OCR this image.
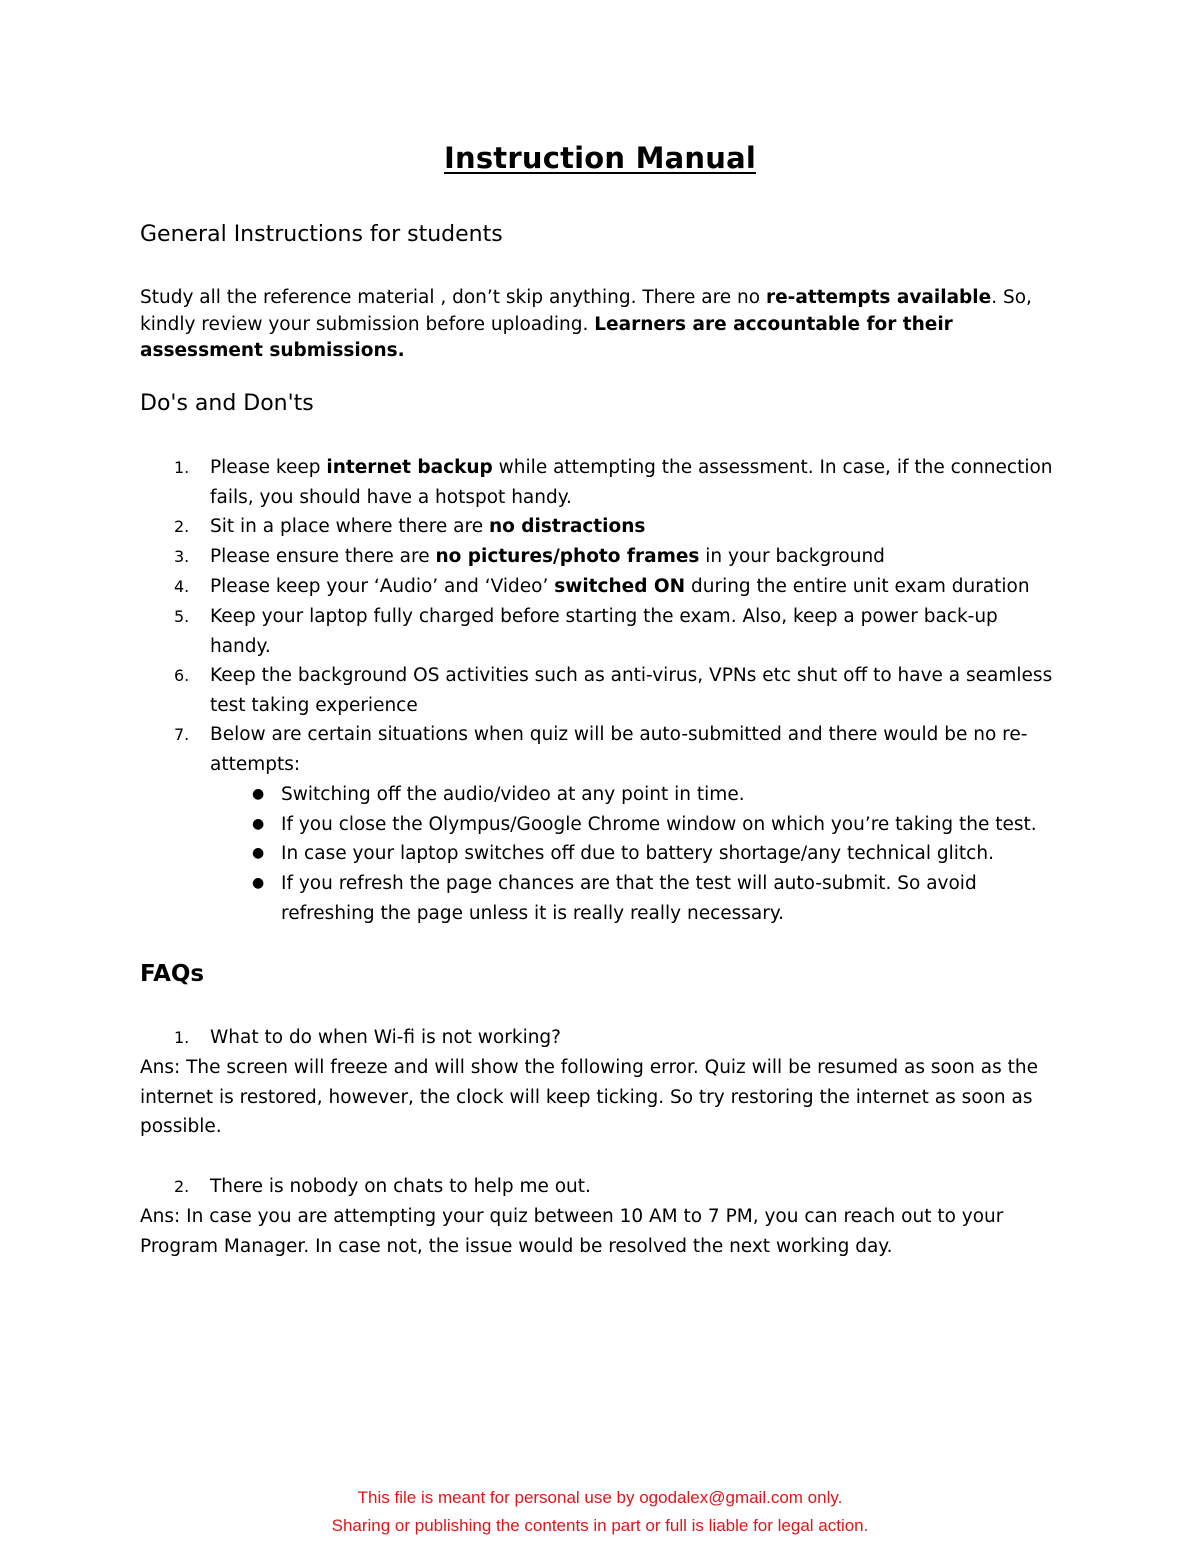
Instruction Manual
General Instructions for students
Study all the reference material , don’t skip anything. There are no re-attempts available. So, kindly review your submission before uploading. Learners are accountable for their assessment submissions.
Do's and Don'ts
1.	Please keep internet backup while attempting the assessment. In case, if the connection fails, you should have a hotspot handy.
2.	Sit in a place where there are no distractions
3.	Please ensure there are no pictures/photo frames in your background
4.	Please keep your ‘Audio’ and ‘Video’ switched ON during the entire unit exam duration
5.	Keep your laptop fully charged before starting the exam. Also, keep a power back-up handy.
6.	Keep the background OS activities such as anti-virus, VPNs etc shut off to have a seamless test taking experience
7.	Below are certain situations when quiz will be auto-submitted and there would be no re-attempts:
● Switching off the audio/video at any point in time.
● If you close the Olympus/Google Chrome window on which you’re taking the test.
● In case your laptop switches off due to battery shortage/any technical glitch.
● If you refresh the page chances are that the test will auto-submit. So avoid refreshing the page unless it is really really necessary.
FAQs
1.	What to do when Wi-fi is not working?
Ans: The screen will freeze and will show the following error. Quiz will be resumed as soon as the internet is restored, however, the clock will keep ticking. So try restoring the internet as soon as possible.
2.	There is nobody on chats to help me out.
Ans: In case you are attempting your quiz between 10 AM to 7 PM, you can reach out to your Program Manager. In case not, the issue would be resolved the next working day.
This file is meant for personal use by ogodalex@gmail.com only.
Sharing or publishing the contents in part or full is liable for legal action.
